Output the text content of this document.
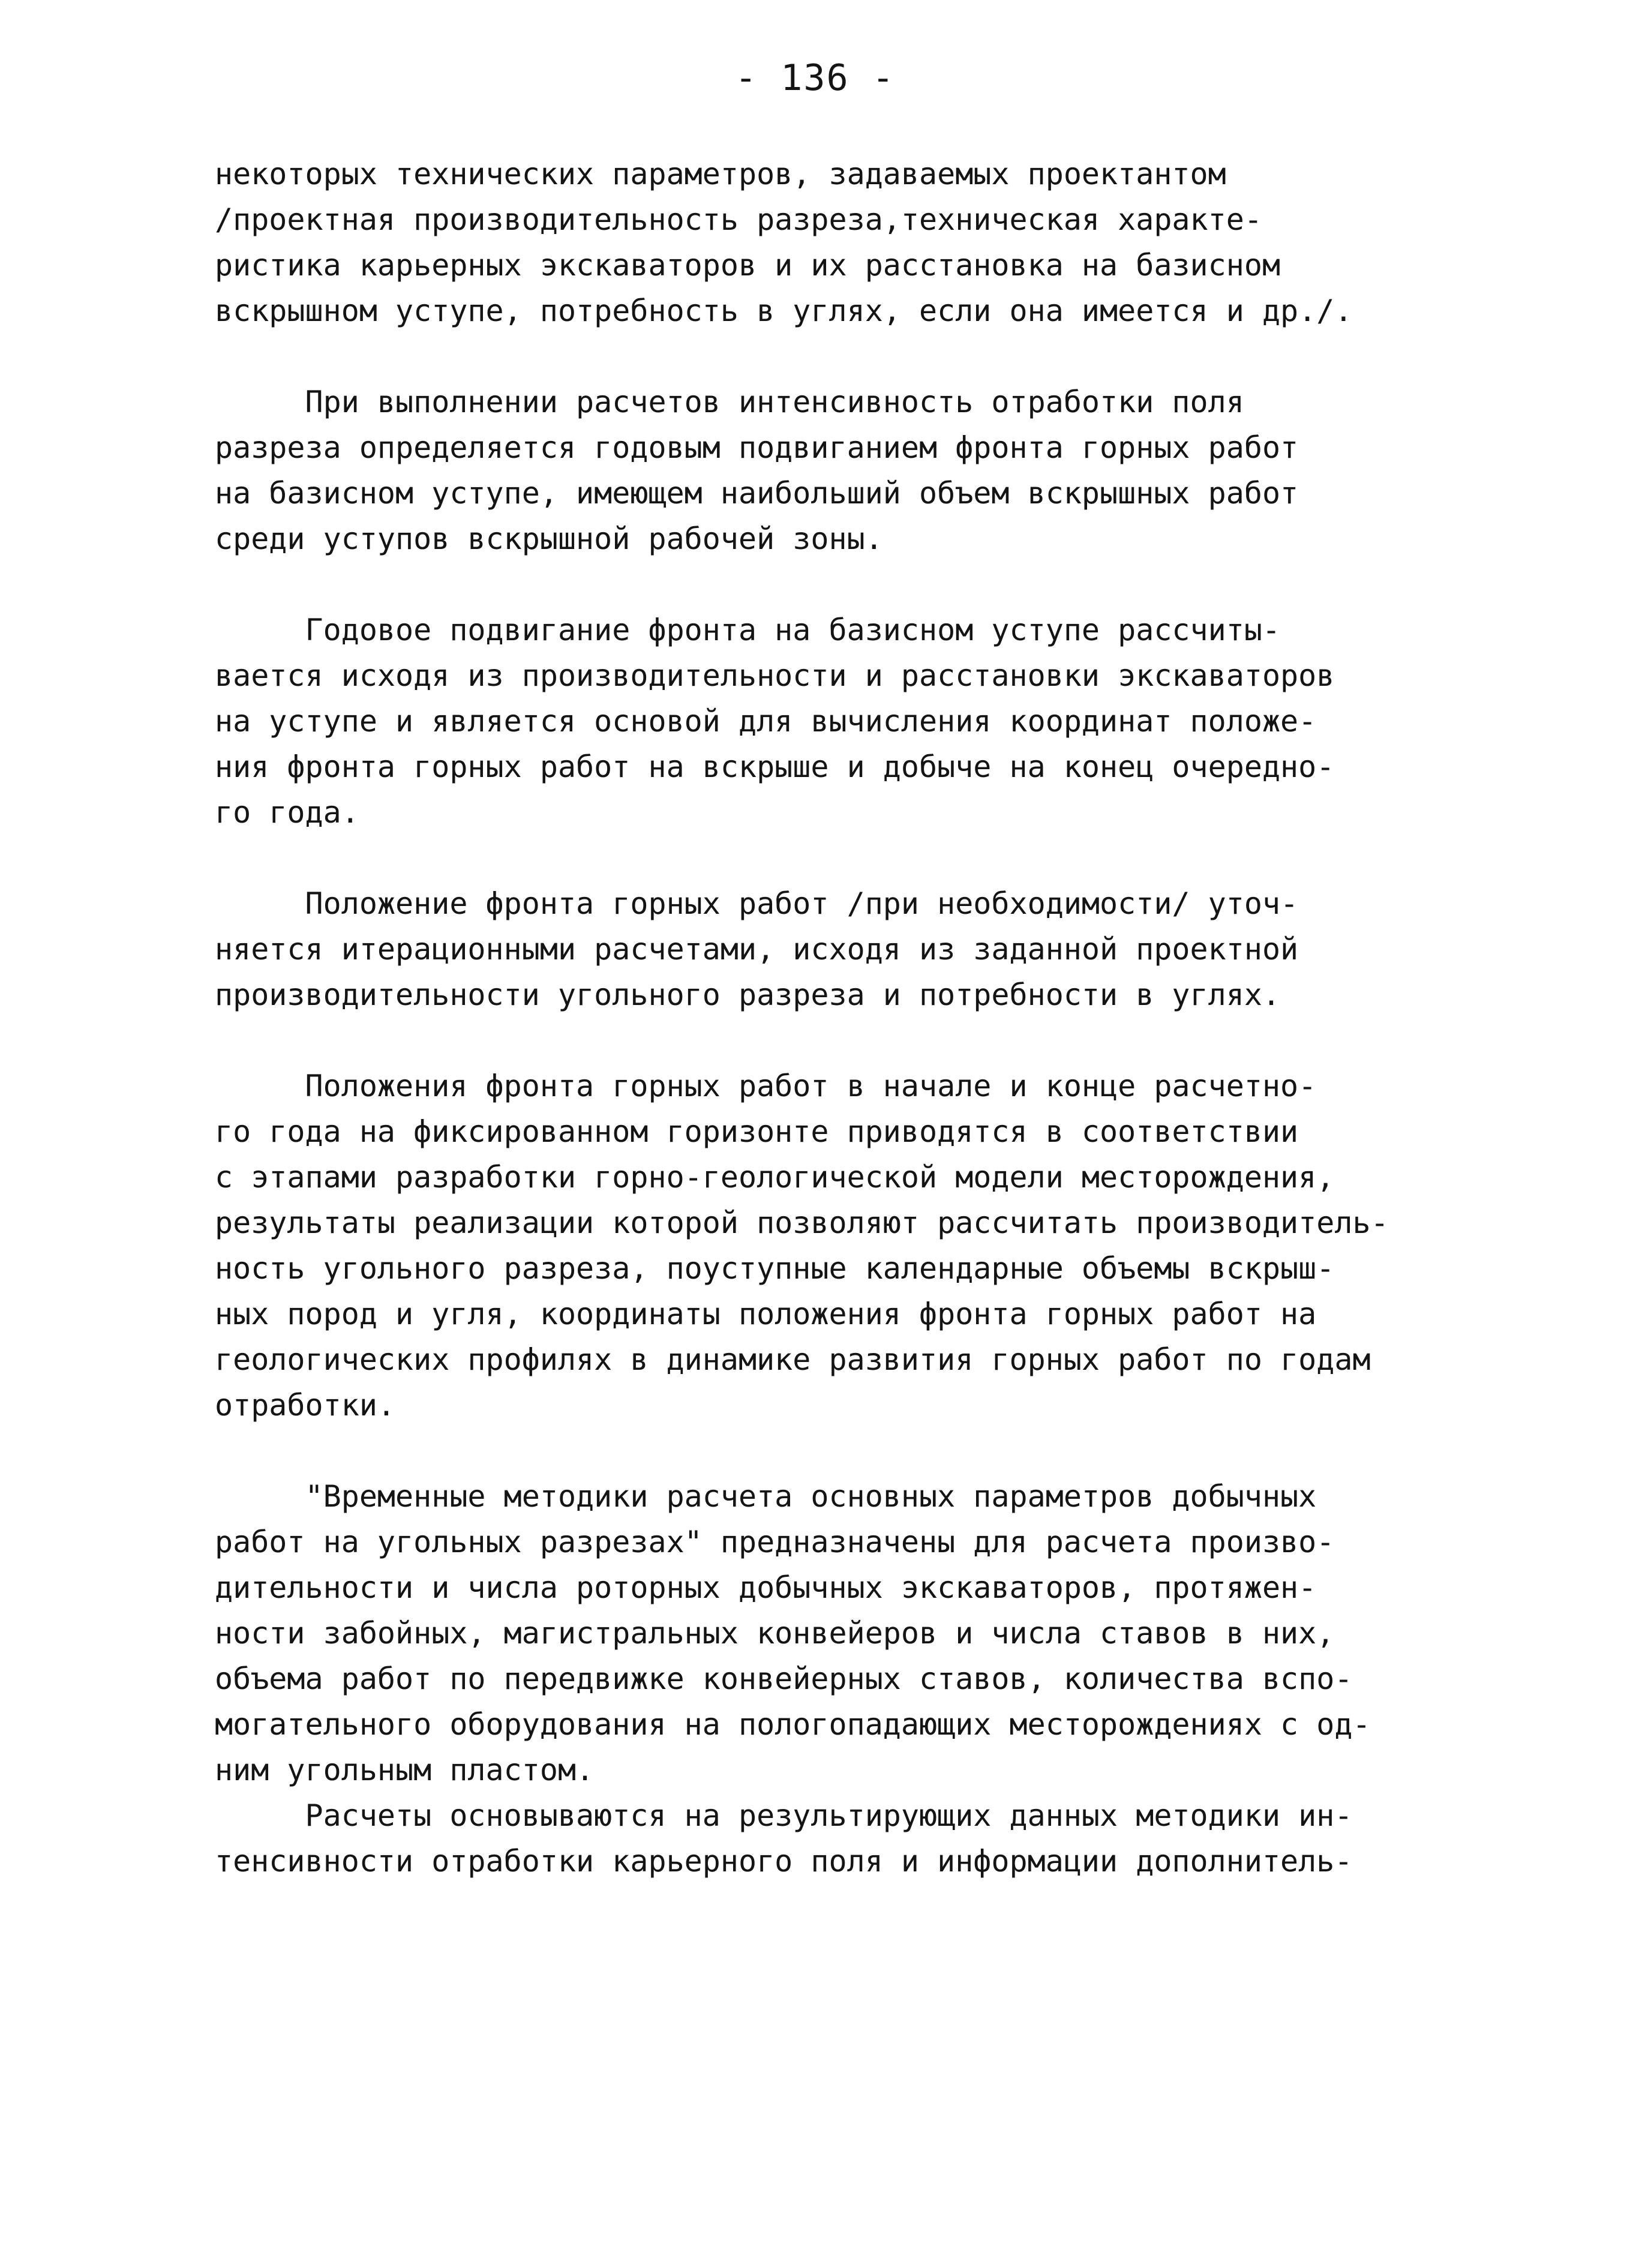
- 136 -
некоторых технических параметров, задаваемых проектантом
/проектная производительность разреза,техническая характе-
ристика карьерных экскаваторов и их расстановка на базисном
вскрышном уступе, потребность в углях, если она имеется и др./.
При выполнении расчетов интенсивность отработки поля
разреза определяется годовым подвиганием фронта горных работ
на базисном уступе, имеющем наибольший объем вскрышных работ
среди уступов вскрышной рабочей зоны.
Годовое подвигание фронта на базисном уступе рассчиты-
вается исходя из производительности и расстановки экскаваторов
на уступе и является основой для вычисления координат положе-
ния фронта горных работ на вскрыше и добыче на конец очередно-
го года.
Положение фронта горных работ /при необходимости/ уточ-
няется итерационными расчетами, исходя из заданной проектной
производительности угольного разреза и потребности в углях.
Положения фронта горных работ в начале и конце расчетно-
го года на фиксированном горизонте приводятся в соответствии
с этапами разработки горно-геологической модели месторождения,
результаты реализации которой позволяют рассчитать производитель-
ность угольного разреза, поуступные календарные объемы вскрыш-
ных пород и угля, координаты положения фронта горных работ на
геологических профилях в динамике развития горных работ по годам
отработки.
"Временные методики расчета основных параметров добычных
работ на угольных разрезах" предназначены для расчета произво-
дительности и числа роторных добычных экскаваторов, протяжен-
ности забойных, магистральных конвейеров и числа ставов в них,
объема работ по передвижке конвейерных ставов, количества вспо-
могательного оборудования на пологопадающих месторождениях с од-
ним угольным пластом.
Расчеты основываются на результирующих данных методики ин-
тенсивности отработки карьерного поля и информации дополнитель-
